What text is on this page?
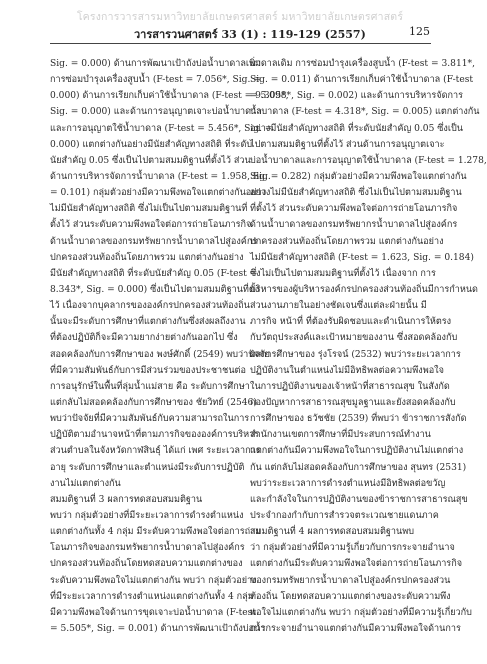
โครงการวารสารมหาวิทยาลัยเกษตรศาสตร์ มหาวิทยาลัยเกษตรศาสตร์
วารสารวนศาสตร์ 33 (1) : 119-129 (2557)	125
Sig. = 0.000) ด้านการพัฒนาเป้าถังบ่อน้ำบาดาลเพิ่ม
การซ่อมบำรุงเครื่องสูบน้ำ (F-test = 7.056*, Sig. =
0.000) ด้านการเรียกเก็บค่าใช้น้ำบาดาล (F-test = 9.305*,
Sig. = 0.000) และด้านการอนุญาตเจาะบ่อน้ำบาดาล
และการอนุญาตใช้น้ำบาดาล (F-test = 5.456*, Sig. =
0.000) แตกต่างกันอย่างมีนัยสำคัญทางสถิติ ที่ระดับ
นัยสำคัญ 0.05 ซึ่งเป็นไปตามสมมติฐานที่ตั้งไว้ ส่วน
ด้านการบริหารจัดการน้ำบาดาล (F-test = 1.958, Sig.
= 0.101) กลุ่มตัวอย่างมีความพึงพอใจแตกต่างกันอย่าง
ไม่มีนัยสำคัญทางสถิติ ซึ่งไม่เป็นไปตามสมมติฐานที่
ตั้งไว้ ส่วนระดับความพึงพอใจต่อการถ่ายโอนภารกิจ
ด้านน้ำบาดาลของกรมทรัพยากรน้ำบาดาลไปสู่องค์กร
ปกครองส่วนท้องถิ่นโดยภาพรวม แตกต่างกันอย่าง
มีนัยสำคัญทางสถิติ ที่ระดับนัยสำคัญ 0.05 (F-test =
8.343*, Sig. = 0.000) ซึ่งเป็นไปตามสมมติฐานที่ตั้ง
ไว้ เนื่องจากบุคลากรขององค์กรปกครองส่วนท้องถิ่น
นั้นจะมีระดับการศึกษาที่แตกต่างกันซึ่งส่งผลถึงงาน
ที่ต้องปฏิบัติก็จะมีความยากง่ายต่างกันออกไป ซึ่ง
สอดคล้องกับการศึกษาของ พงษ์ศักดิ์ (2549) พบว่าปัจจัย
ที่มีความสัมพันธ์กับการมีส่วนร่วมของประชาชนต่อ
การอนุรักษ์ในพื้นที่ลุ่มน้ำแม่สาย คือ ระดับการศึกษา
แต่กลับไม่สอดคล้องกับการศึกษาของ ชัยวิทย์ (2546)
พบว่าปัจจัยที่มีความสัมพันธ์กับความสามารถในการ
ปฏิบัติตามอำนาจหน้าที่ตามภารกิจขององค์การบริหาร
ส่วนตำบลในจังหวัดกาฬสินธุ์ ได้แก่ เพศ ระยะเวลาการ
อายุ ระดับการศึกษาและตำแหน่งมีระดับการปฏิบัติ
งานไม่แตกต่างกัน
สมมติฐานที่ 3 ผลการทดสอบสมมติฐาน
พบว่า กลุ่มตัวอย่างที่มีระยะเวลาการดำรงตำแหน่ง
แตกต่างกันทั้ง 4 กลุ่ม มีระดับความพึงพอใจต่อการถ่าย
โอนภารกิจของกรมทรัพยากรน้ำบาดาลไปสู่องค์กร
ปกครองส่วนท้องถิ่นโดยทดสอบความแตกต่างของ
ระดับความพึงพอใจไม่แตกต่างกัน พบว่า กลุ่มตัวอย่าง
ที่มีระยะเวลาการดำรงตำแหน่งแตกต่างกันทั้ง 4 กลุ่ม
มีความพึงพอใจด้านการขุดเจาะบ่อน้ำบาดาล (F-test
= 5.505*, Sig. = 0.001) ด้านการพัฒนาเป้าถังบ่อน้ำ
บาดาลเดิม การซ่อมบำรุงเครื่องสูบน้ำ (F-test = 3.811*,
Sig. = 0.011) ด้านการเรียกเก็บค่าใช้น้ำบาดาล (F-test
= 5.098*, Sig. = 0.002) และด้านการบริหารจัดการ
น้ำบาดาล (F-test = 4.318*, Sig. = 0.005) แตกต่างกัน
อย่างมีนัยสำคัญทางสถิติ ที่ระดับนัยสำคัญ 0.05 ซึ่งเป็น
ไปตามสมมติฐานที่ตั้งไว้ ส่วนด้านการอนุญาตเจาะ
บ่อน้ำบาดาลและการอนุญาตใช้น้ำบาดาล (F-test = 1.278,
Sig. = 0.282) กลุ่มตัวอย่างมีความพึงพอใจแตกต่างกัน
อย่างไม่มีนัยสำคัญทางสถิติ ซึ่งไม่เป็นไปตามสมมติฐาน
ที่ตั้งไว้ ส่วนระดับความพึงพอใจต่อการถ่ายโอนภารกิจ
ด้านน้ำบาดาลของกรมทรัพยากรน้ำบาดาลไปสู่องค์กร
ปกครองส่วนท้องถิ่นโดยภาพรวม แตกต่างกันอย่าง
ไม่มีนัยสำคัญทางสถิติ (F-test = 1.623, Sig. = 0.184)
ซึ่งไม่เป็นไปตามสมมติฐานที่ตั้งไว้ เนื่องจาก การ
บริหารของผู้บริหารองค์กรปกครองส่วนท้องถิ่นมีการกำหนด
ส่วนงานภายในอย่างชัดเจนซึ่งแต่ละฝ่ายนั้น มี
ภารกิจ หน้าที่ ที่ต้องรับผิดชอบและดำเนินการให้ตรง
กับวัตถุประสงค์และเป้าหมายของงาน ซึ่งสอดคล้องกับ
ผลการศึกษาของ รุ่งโรจน์ (2532) พบว่าระยะเวลาการ
ปฏิบัติงานในตำแหน่งไม่มีอิทธิพลต่อความพึงพอใจ
ในการปฏิบัติงานของเจ้าหน้าที่สาธารณสุข ในสังกัด
กองปัญหาการสาธารณสุขมูลฐานและยังสอดคล้องกับ
การศึกษาของ ธวัชชัย (2539) ที่พบว่า ข้าราชการสังกัด
สำนักงานเขตการศึกษาที่มีประสบการณ์ทำงาน
แตกต่างกันมีความพึงพอใจในการปฏิบัติงานไม่แตกต่าง
กัน แต่กลับไม่สอดคล้องกับการศึกษาของ สุนทร (2531)
พบว่าระยะเวลาการดำรงตำแหน่งมีอิทธิพลต่อขวัญ
และกำลังใจในการปฏิบัติงานของข้าราชการสาธารณสุข
ประจำกองกำกับการสำรวจตระเวณชายแดนภาค
สมมติฐานที่ 4 ผลการทดสอบสมมติฐานพบ
ว่า กลุ่มตัวอย่างที่มีความรู้เกี่ยวกับการกระจายอำนาจ
แตกต่างกันมีระดับความพึงพอใจต่อการถ่ายโอนภารกิจ
ของกรมทรัพยากรน้ำบาดาลไปสู่องค์กรปกครองส่วน
ท้องถิ่น โดยทดสอบความแตกต่างของระดับความพึง
พอใจไม่แตกต่างกัน พบว่า กลุ่มตัวอย่างที่มีความรู้เกี่ยวกับ
การกระจายอำนาจแตกต่างกันมีความพึงพอใจด้านการ
